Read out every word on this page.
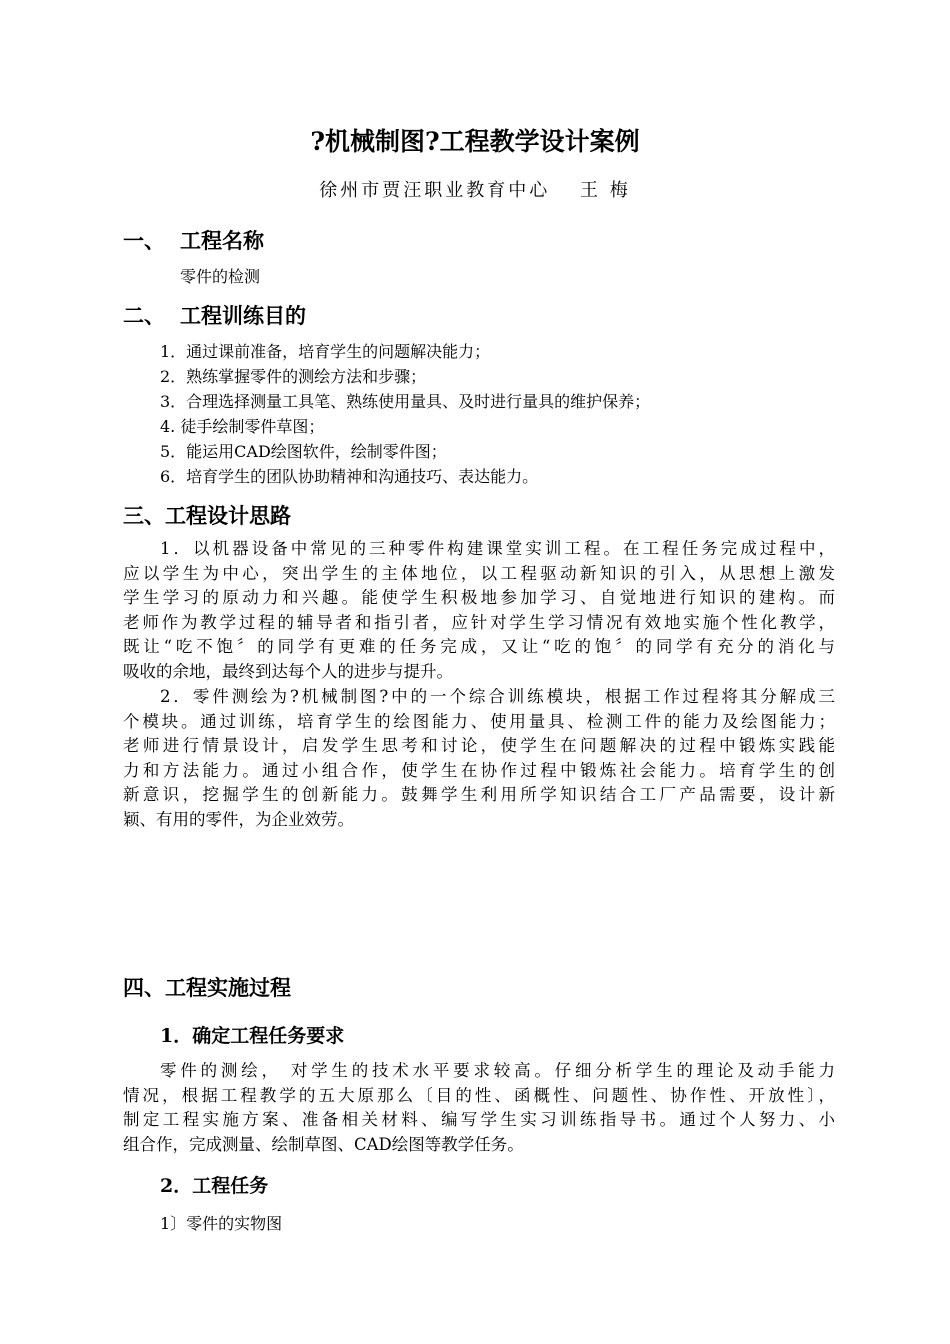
?机械制图?工程教学设计案例
徐州市贾汪职业教育中心　 王 梅
一、 工程名称
零件的检测
二、 工程训练目的
1．通过课前准备，培育学生的问题解决能力；
2．熟练掌握零件的测绘方法和步骤；
3．合理选择测量工具笔、熟练使用量具、及时进行量具的维护保养；
4. 徒手绘制零件草图；
5．能运用CAD绘图软件，绘制零件图；
6．培育学生的团队协助精神和沟通技巧、表达能力。
三、工程设计思路
1．以机器设备中常见的三种零件构建课堂实训工程。在工程任务完成过程中，
应以学生为中心，突出学生的主体地位，以工程驱动新知识的引入，从思想上激发
学生学习的原动力和兴趣。能使学生积极地参加学习、自觉地进行知识的建构。而
老师作为教学过程的辅导者和指引者，应针对学生学习情况有效地实施个性化教学，
既让“吃不饱〞的同学有更难的任务完成，又让“吃的饱〞的同学有充分的消化与
吸收的余地，最终到达每个人的进步与提升。
2．零件测绘为?机械制图?中的一个综合训练模块，根据工作过程将其分解成三
个模块。通过训练，培育学生的绘图能力、使用量具、检测工件的能力及绘图能力；
老师进行情景设计，启发学生思考和讨论，使学生在问题解决的过程中锻炼实践能
力和方法能力。通过小组合作，使学生在协作过程中锻炼社会能力。培育学生的创
新意识，挖掘学生的创新能力。鼓舞学生利用所学知识结合工厂产品需要，设计新
颖、有用的零件，为企业效劳。
四、工程实施过程
1．确定工程任务要求
零件的测绘， 对学生的技术水平要求较高。仔细分析学生的理论及动手能力
情况，根据工程教学的五大原那么〔目的性、函概性、问题性、协作性、开放性〕，
制定工程实施方案、准备相关材料、编写学生实习训练指导书。通过个人努力、小
组合作，完成测量、绘制草图、CAD绘图等教学任务。
2．工程任务
1〕零件的实物图
